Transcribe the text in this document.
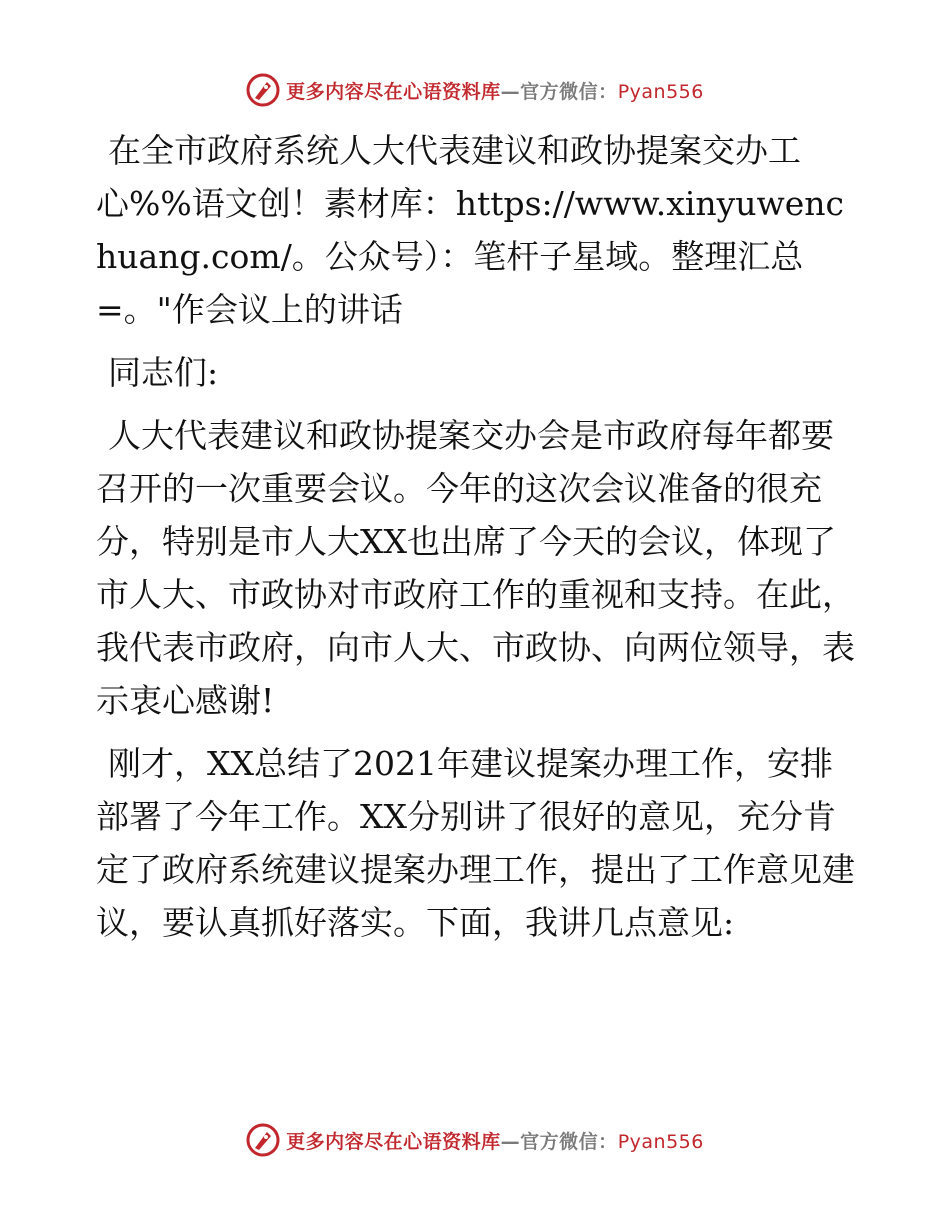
更多内容尽在心语资料库—官方微信：Pyan556

在全市政府系统人大代表建议和政协提案交办工心%%语文创！素材库：https://www.xinyuwenchuang.com/。公众号）：笔杆子星域。整理汇总=。"作会议上的讲话

同志们:

人大代表建议和政协提案交办会是市政府每年都要召开的一次重要会议。今年的这次会议准备的很充分，特别是市人大XX也出席了今天的会议，体现了市人大、市政协对市政府工作的重视和支持。在此，我代表市政府，向市人大、市政协、向两位领导，表示衷心感谢!

刚才，XX总结了2021年建议提案办理工作，安排部署了今年工作。XX分别讲了很好的意见，充分肯定了政府系统建议提案办理工作，提出了工作意见建议，要认真抓好落实。下面，我讲几点意见:

更多内容尽在心语资料库—官方微信：Pyan556
